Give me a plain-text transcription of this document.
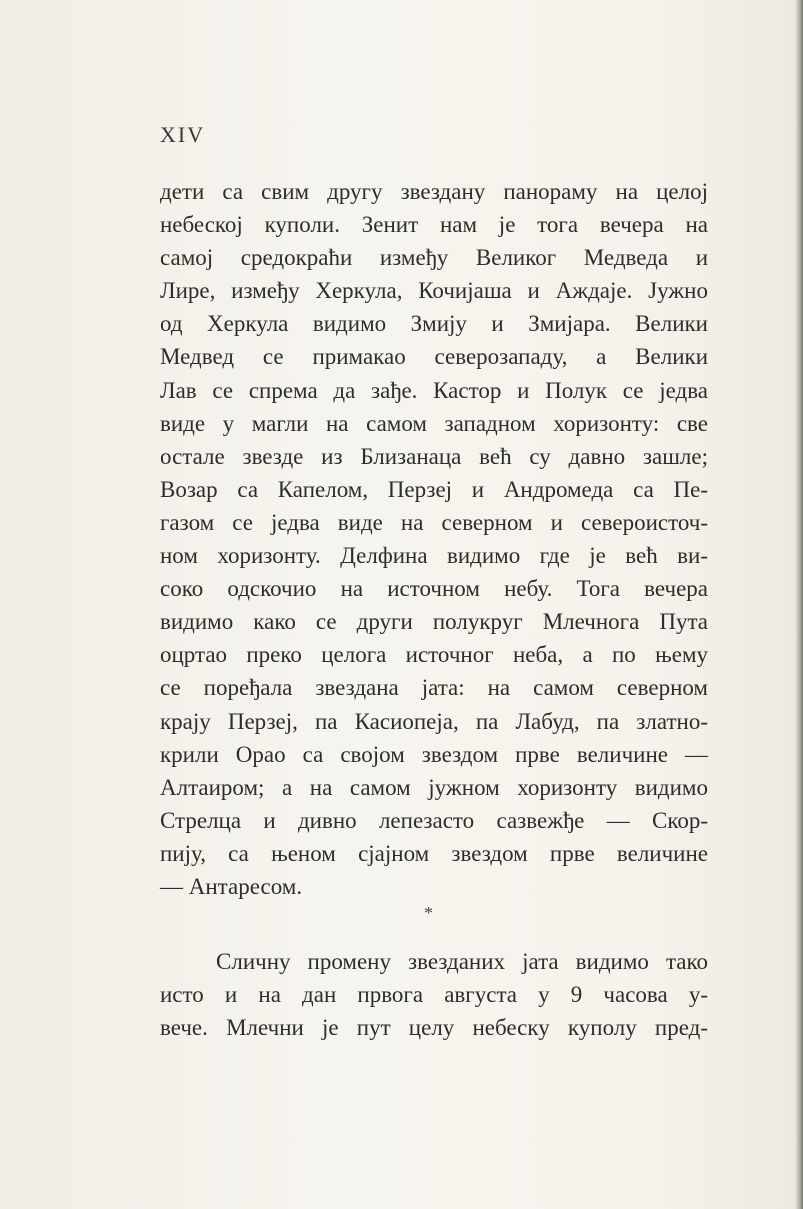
XIV
дети са свим другу звездану панораму на целој
небеској куполи. Зенит нам је тога вечера на
самој средокраћи између Великог Медведа и
Лире, између Херкула, Кочијаша и Аждаје. Јужно
од Херкула видимо Змију и Змијара. Велики
Медвед се примакао северозападу, а Велики
Лав се спрема да зађе. Кастор и Полук се једва
виде у магли на самом западном хоризонту: све
остале звезде из Близанаца већ су давно зашле;
Возар са Капелом, Перзеј и Андромеда са Пе-
газом се једва виде на северном и североисточ-
ном хоризонту. Делфина видимо где је већ ви-
соко одскочио на источном небу. Тога вечера
видимо како се други полукруг Млечнога Пута
оцртао преко целога источног неба, а по њему
се поређала звездана јата: на самом северном
крају Перзеј, па Касиопеја, па Лабуд, па златно-
крили Орао са својом звездом прве величине —
Алтаиром; а на самом јужном хоризонту видимо
Стрелца и дивно лепезасто сазвежђе — Скор-
пију, са њеном сјајном звездом прве величине
— Антаресом.
*
Сличну промену звезданих јата видимо тако
исто и на дан првога августа у 9 часова у-
вече. Млечни је пут целу небеску куполу пред-
